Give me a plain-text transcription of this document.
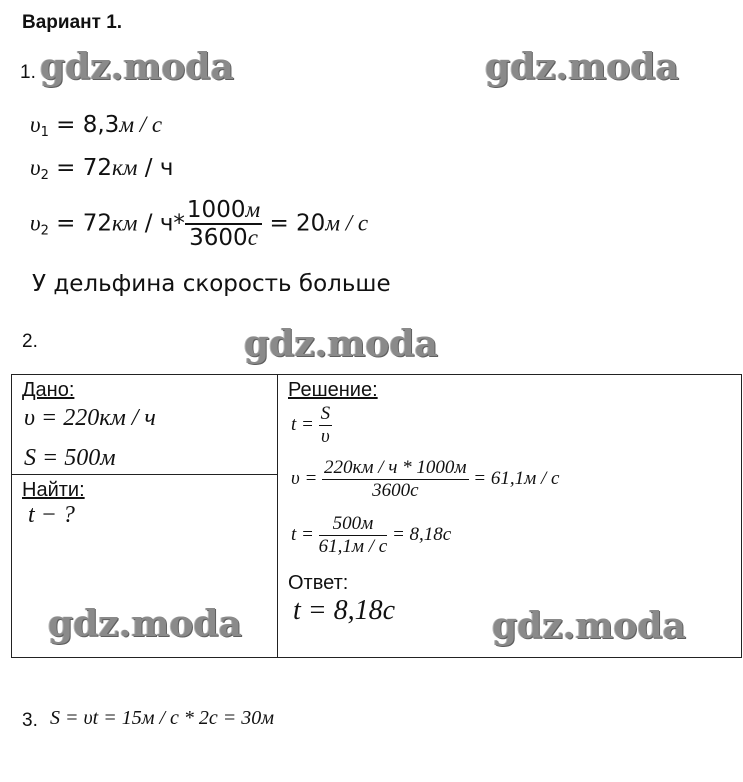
Вариант 1.
1. gdz.moda	gdz.moda
$\upsilon_1 = 8,3м / с$
$\upsilon_2 = 72км / ч$
$\upsilon_2 = 72км / ч* \frac{1000м}{3600с} = 20м / с$
У дельфина скорость больше
2.	gdz.moda
Дано:
υ = 220км / ч
S = 500м
Найти:
t − ?
Решение:
$t = \frac{S}{\upsilon}$
$\upsilon = \frac{220км / ч * 1000м}{3600с} = 61,1м / с$
$t = \frac{500м}{61,1м / с} = 8,18с$
Ответ:
t = 8,18с
gdz.moda	gdz.moda
3. S = υt = 15м / с * 2с = 30м
